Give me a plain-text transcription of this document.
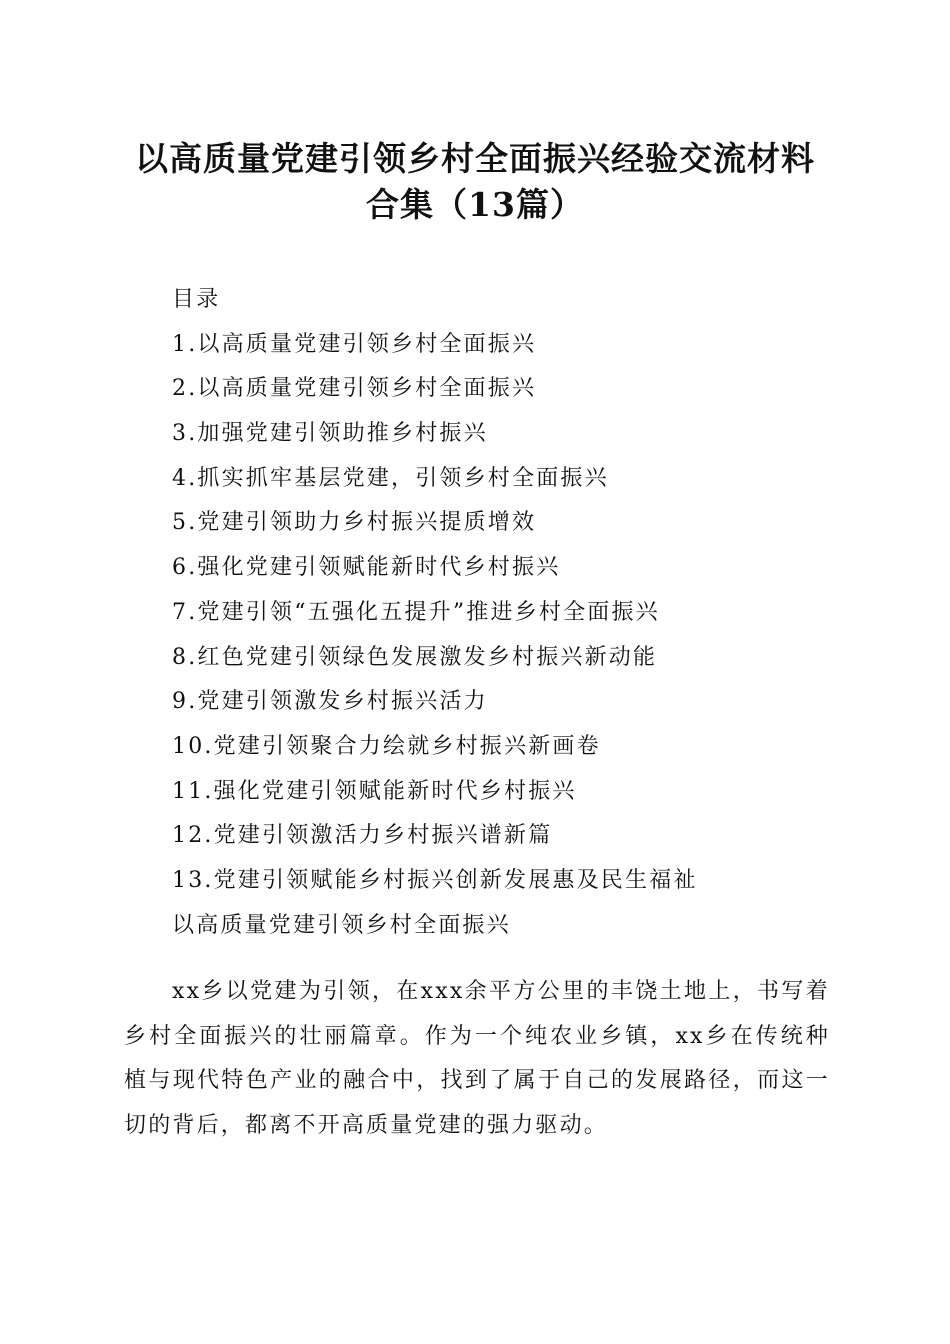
以高质量党建引领乡村全面振兴经验交流材料
合集（13篇）
目录
1.以高质量党建引领乡村全面振兴
2.以高质量党建引领乡村全面振兴
3.加强党建引领助推乡村振兴
4.抓实抓牢基层党建，引领乡村全面振兴
5.党建引领助力乡村振兴提质增效
6.强化党建引领赋能新时代乡村振兴
7.党建引领“五强化五提升”推进乡村全面振兴
8.红色党建引领绿色发展激发乡村振兴新动能
9.党建引领激发乡村振兴活力
10.党建引领聚合力绘就乡村振兴新画卷
11.强化党建引领赋能新时代乡村振兴
12.党建引领激活力乡村振兴谱新篇
13.党建引领赋能乡村振兴创新发展惠及民生福祉
以高质量党建引领乡村全面振兴

xx乡以党建为引领，在xxx余平方公里的丰饶土地上，书写着乡村全面振兴的壮丽篇章。作为一个纯农业乡镇，xx乡在传统种植与现代特色产业的融合中，找到了属于自己的发展路径，而这一切的背后，都离不开高质量党建的强力驱动。
